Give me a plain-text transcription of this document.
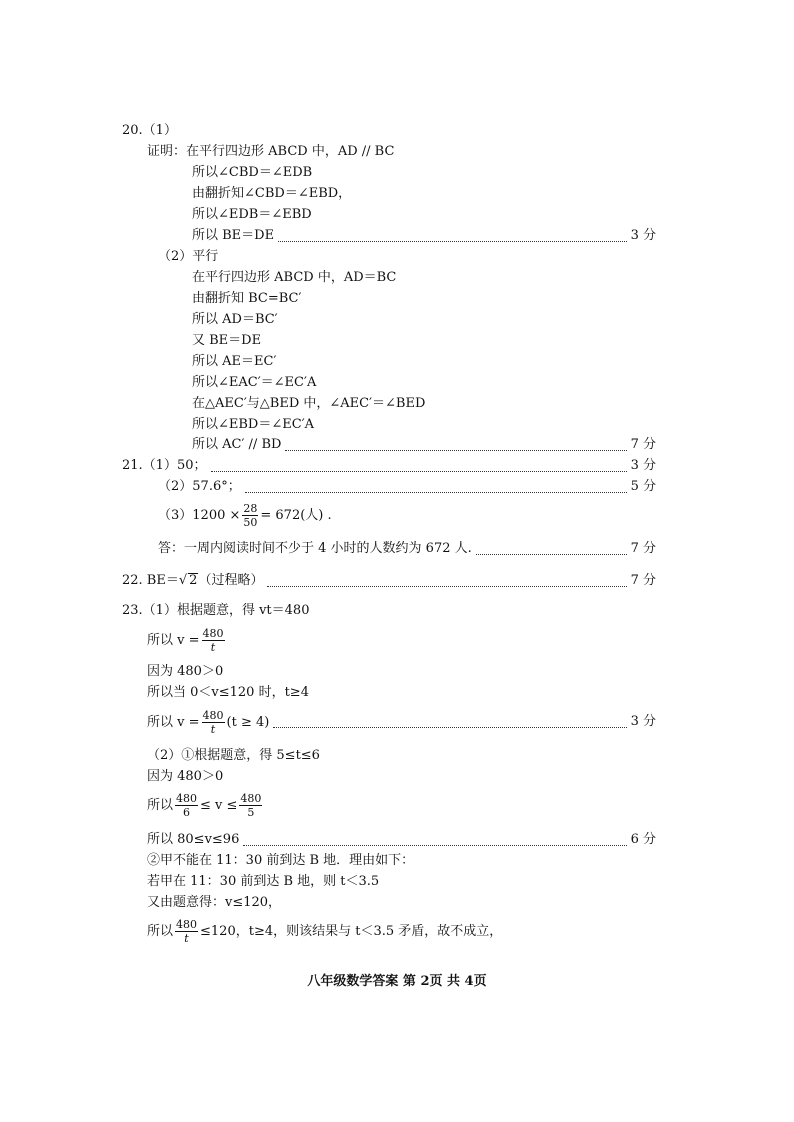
20.（1）
证明：在平行四边形 ABCD 中，AD // BC
所以∠CBD＝∠EDB
由翻折知∠CBD＝∠EBD，
所以∠EDB＝∠EBD
所以 BE＝DE	3 分
（2）平行
在平行四边形 ABCD 中，AD＝BC
由翻折知 BC=BC′
所以 AD＝BC′
又 BE＝DE
所以 AE＝EC′
所以∠EAC′＝∠EC′A
在△AEC′与△BED 中，∠AEC′＝∠BED
所以∠EBD＝∠EC′A
所以 AC′ // BD	7 分
21.（1）50；	3 分
（2）57.6°；	5 分
$(3)1200 \times \frac{28}{50} = 672$(人) .
答：一周内阅读时间不少于 4 小时的人数约为 672 人.	7 分
22. BE＝√ 2（过程略）	7 分
23.（1）根据题意，得 vt＝480
所以 $v = \frac{480}{t}$
因为 480＞0
所以当 0＜v≤120 时，t≥4
所以 $v = \frac{480}{t} (t \ge 4)$	3 分
（2）①根据题意，得 5≤t≤6
因为 480＞0
所以 $\frac{480}{6} \le v \le \frac{480}{5}$
所以 80≤v≤96	6 分
②甲不能在 11：30 前到达 B 地．理由如下：
若甲在 11：30 前到达 B 地，则 t＜3.5
又由题意得：v≤120，
所以 $\frac{480}{t} \le 120$，t≥4，则该结果与 t＜3.5 矛盾，故不成立，
八年级数学答案 第 2页 共 4页
